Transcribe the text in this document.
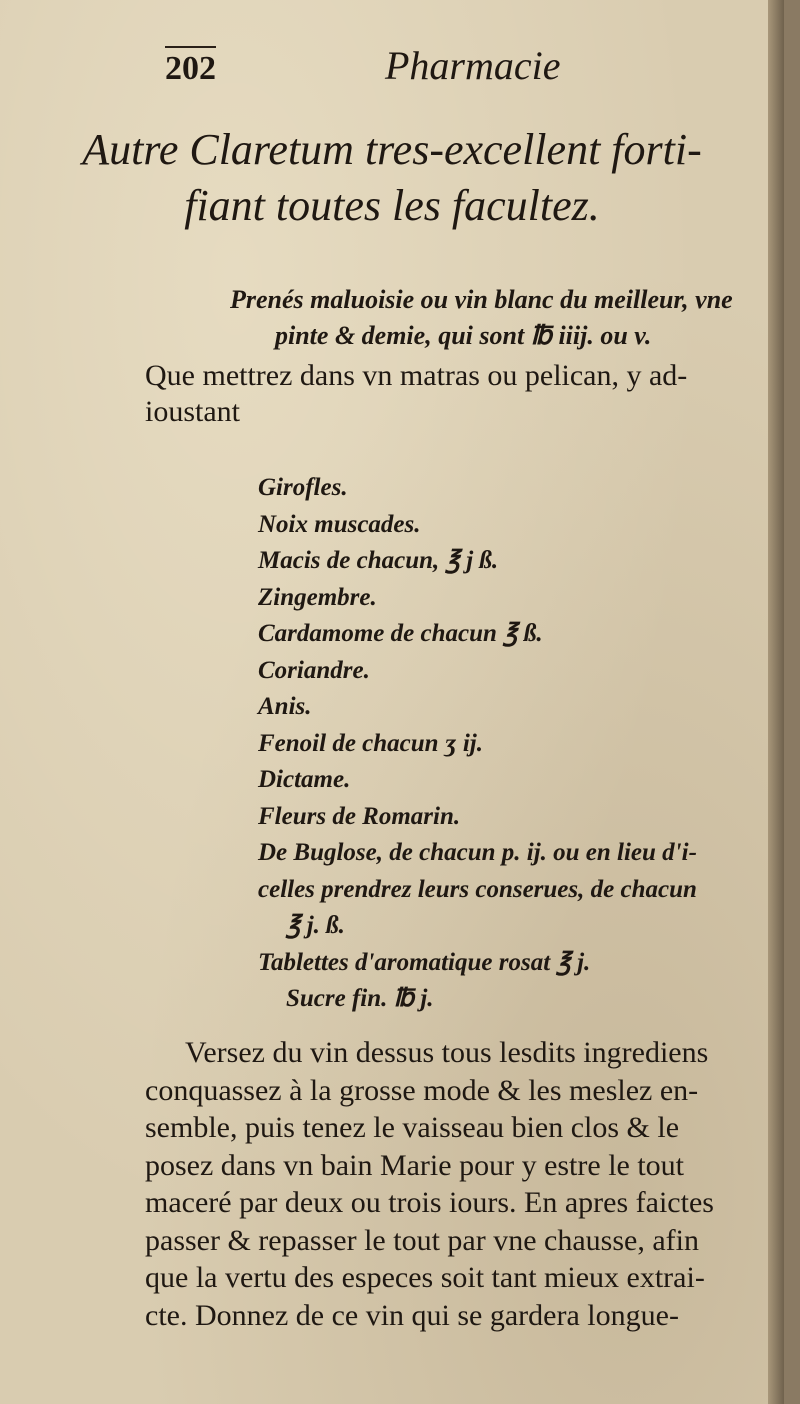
202	Pharmacie
Autre Claretum tres-excellent forti-
fiant toutes les facultez.
Prenés maluoisie ou vin blanc du meilleur, vne
pinte & demie, qui sont ℔ iiij. ou v.
Que mettrez dans vn matras ou pelican, y ad-
ioustant
Girofles.
Noix muscades.
Macis de chacun, ℥ j ß.
Zingembre.
Cardamome de chacun ℥ ß.
Coriandre.
Anis.
Fenoil de chacun ʒ ij.
Dictame.
Fleurs de Romarin.
De Buglose, de chacun p. ij. ou en lieu d'i-
celles prendrez leurs conserues, de chacun
℥ j. ß.
Tablettes d'aromatique rosat ℥ j.
Sucre fin. ℔ j.
Versez du vin dessus tous lesdits ingrediens
conquassez à la grosse mode & les meslez en-
semble, puis tenez le vaisseau bien clos & le
posez dans vn bain Marie pour y estre le tout
maceré par deux ou trois iours. En apres faictes
passer & repasser le tout par vne chausse, afin
que la vertu des especes soit tant mieux extrai-
cte. Donnez de ce vin qui se gardera longue-
